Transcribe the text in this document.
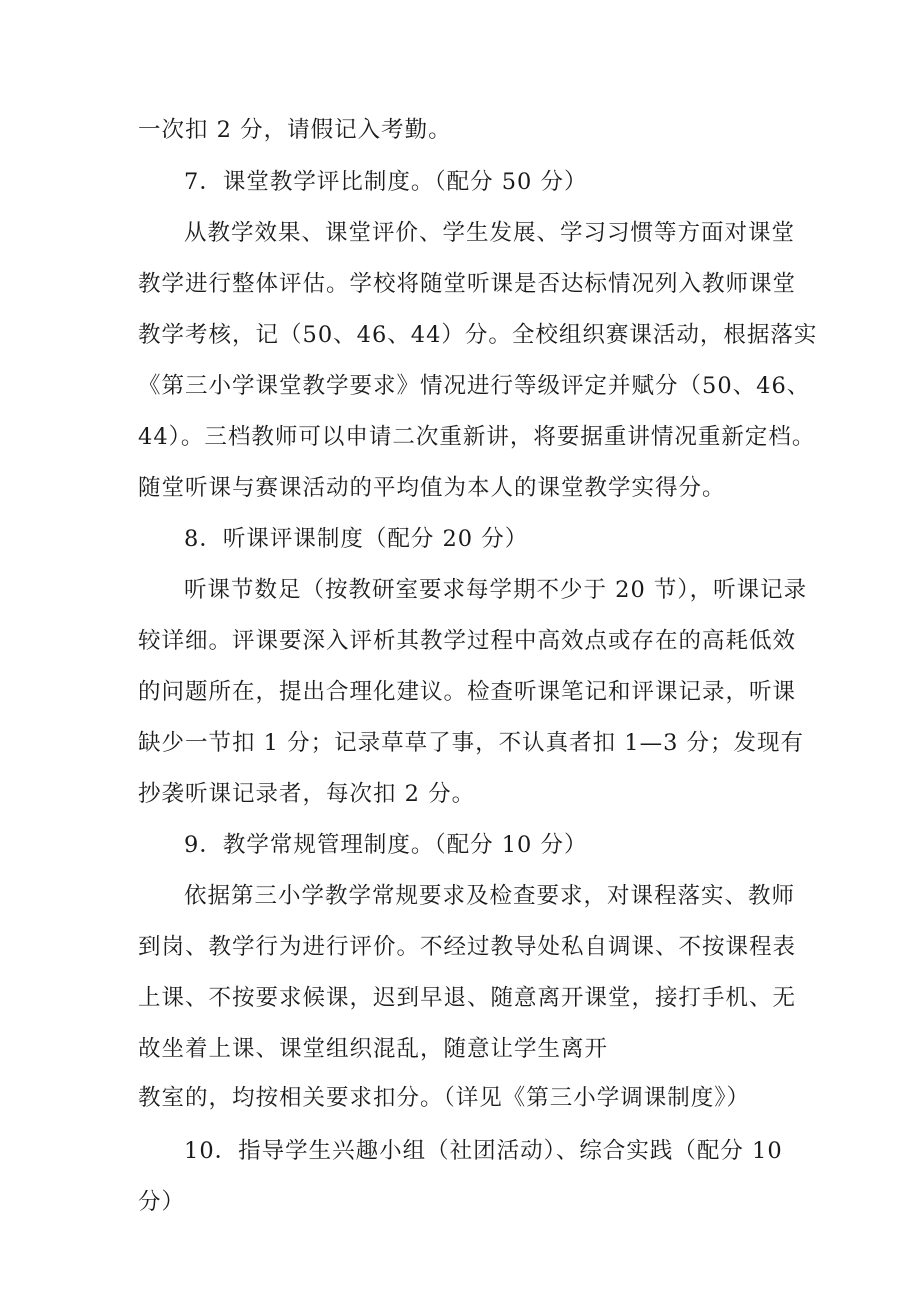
一次扣 2 分，请假记入考勤。
7．课堂教学评比制度。（配分 50 分）
从教学效果、课堂评价、学生发展、学习习惯等方面对课堂
教学进行整体评估。学校将随堂听课是否达标情况列入教师课堂
教学考核，记（50、46、44）分。全校组织赛课活动，根据落实
《第三小学课堂教学要求》情况进行等级评定并赋分（50、46、
44）。三档教师可以申请二次重新讲，将要据重讲情况重新定档。
随堂听课与赛课活动的平均值为本人的课堂教学实得分。
8．听课评课制度（配分 20 分）
听课节数足（按教研室要求每学期不少于 20 节），听课记录
较详细。评课要深入评析其教学过程中高效点或存在的高耗低效
的问题所在，提出合理化建议。检查听课笔记和评课记录，听课
缺少一节扣 1 分；记录草草了事，不认真者扣 1—3 分；发现有
抄袭听课记录者，每次扣 2 分。
9．教学常规管理制度。（配分 10 分）
依据第三小学教学常规要求及检查要求，对课程落实、教师
到岗、教学行为进行评价。不经过教导处私自调课、不按课程表
上课、不按要求候课，迟到早退、随意离开课堂，接打手机、无
故坐着上课、课堂组织混乱，随意让学生离开
教室的，均按相关要求扣分。（详见《第三小学调课制度》）
10．指导学生兴趣小组（社团活动）、综合实践（配分 10
分）
